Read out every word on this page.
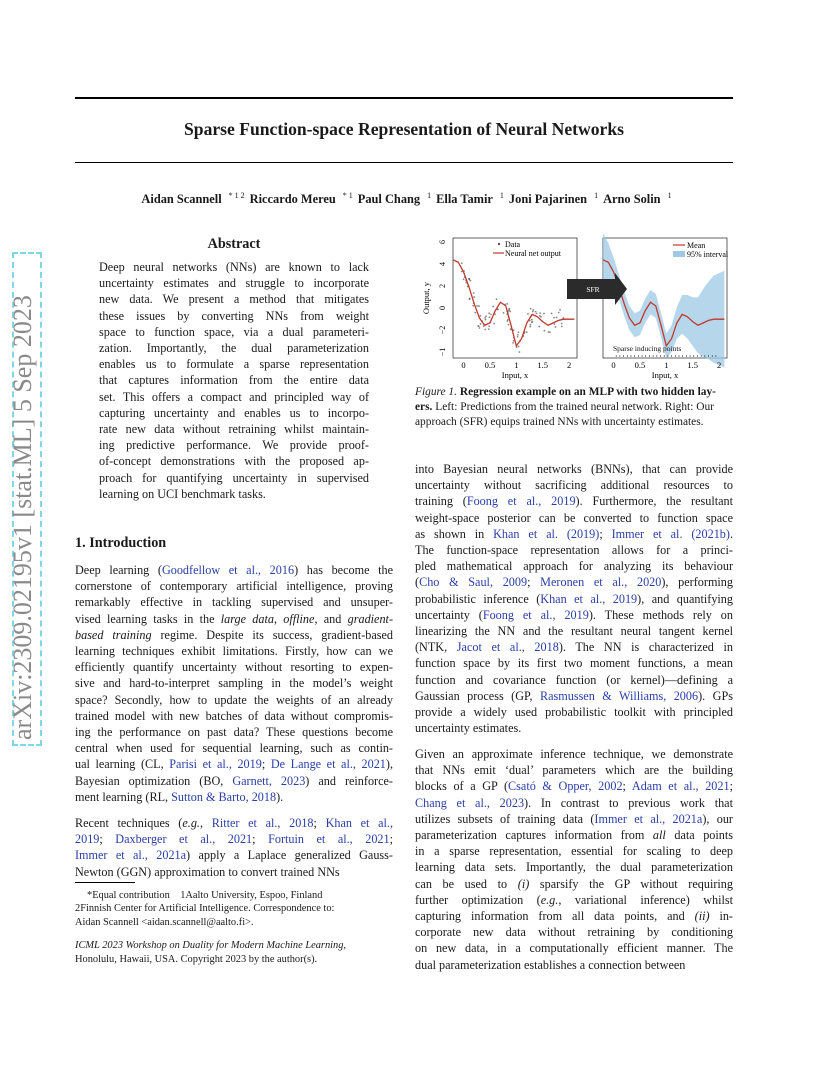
arXiv:2309.02195v1 [stat.ML] 5 Sep 2023
Sparse Function-space Representation of Neural Networks
Aidan Scannell $^{* 1 2}$ Riccardo Mereu $^{* 1}$ Paul Chang $^1$ Ella Tamir $^1$ Joni Pajarinen $^1$ Arno Solin $^1$
Abstract
Deep neural networks (NNs) are known to lack
uncertainty estimates and struggle to incorporate
new data. We present a method that mitigates
these issues by converting NNs from weight
space to function space, via a dual parameteri-
zation. Importantly, the dual parameterization
enables us to formulate a sparse representation
that captures information from the entire data
set. This offers a compact and principled way of
capturing uncertainty and enables us to incorpo-
rate new data without retraining whilst maintain-
ing predictive performance. We provide proof-
of-concept demonstrations with the proposed ap-
proach for quantifying uncertainty in supervised
learning on UCI benchmark tasks.
1. Introduction
Deep learning (Goodfellow et al., 2016) has become the
cornerstone of contemporary artificial intelligence, proving
remarkably effective in tackling supervised and unsuper-
vised learning tasks in the large data, offline, and gradient-
based training regime. Despite its success, gradient-based
learning techniques exhibit limitations. Firstly, how can we
efficiently quantify uncertainty without resorting to expen-
sive and hard-to-interpret sampling in the model’s weight
space? Secondly, how to update the weights of an already
trained model with new batches of data without compromis-
ing the performance on past data? These questions become
central when used for sequential learning, such as contin-
ual learning (CL, Parisi et al., 2019; De Lange et al., 2021),
Bayesian optimization (BO, Garnett, 2023) and reinforce-
ment learning (RL, Sutton & Barto, 2018).
Recent techniques (e.g., Ritter et al., 2018; Khan et al.,
2019; Daxberger et al., 2021; Fortuin et al., 2021;
Immer et al., 2021a) apply a Laplace generalized Gauss-
Newton (GGN) approximation to convert trained NNs

*Equal contribution 1Aalto University, Espoo, Finland

2Finnish Center for Artificial Intelligence. Correspondence to:

Aidan Scannell <aidan.scannell@aalto.fi>.

ICML 2023 Workshop on Duality for Modern Machine Learning,

Honolulu, Hawaii, USA. Copyright 2023 by the author(s).

Data
Neural net output
−1
−2
0
2
4
6
Output, y
0 0.5 1 1.5 2
Input, x
Sparse inducing points
Mean
95% interval
0 0.5 1 1.5 2
Input, x
SFR
Figure 1. Regression example on an MLP with two hidden lay-
ers. Left: Predictions from the trained neural network. Right: Our
approach (SFR) equips trained NNs with uncertainty estimates.
into Bayesian neural networks (BNNs), that can provide
uncertainty without sacrificing additional resources to
training (Foong et al., 2019). Furthermore, the resultant
weight-space posterior can be converted to function space
as shown in Khan et al. (2019); Immer et al. (2021b).
The function-space representation allows for a princi-
pled mathematical approach for analyzing its behaviour
(Cho & Saul, 2009; Meronen et al., 2020), performing
probabilistic inference (Khan et al., 2019), and quantifying
uncertainty (Foong et al., 2019). These methods rely on
linearizing the NN and the resultant neural tangent kernel
(NTK, Jacot et al., 2018). The NN is characterized in
function space by its first two moment functions, a mean
function and covariance function (or kernel)—defining a
Gaussian process (GP, Rasmussen & Williams, 2006). GPs
provide a widely used probabilistic toolkit with principled
uncertainty estimates.
Given an approximate inference technique, we demonstrate
that NNs emit ‘dual’ parameters which are the building
blocks of a GP (Csató & Opper, 2002; Adam et al., 2021;
Chang et al., 2023). In contrast to previous work that
utilizes subsets of training data (Immer et al., 2021a), our
parameterization captures information from all data points
in a sparse representation, essential for scaling to deep
learning data sets. Importantly, the dual parameterization
can be used to (i) sparsify the GP without requiring
further optimization (e.g., variational inference) whilst
capturing information from all data points, and (ii) in-
corporate new data without retraining by conditioning
on new data, in a computationally efficient manner. The
dual parameterization establishes a connection between
